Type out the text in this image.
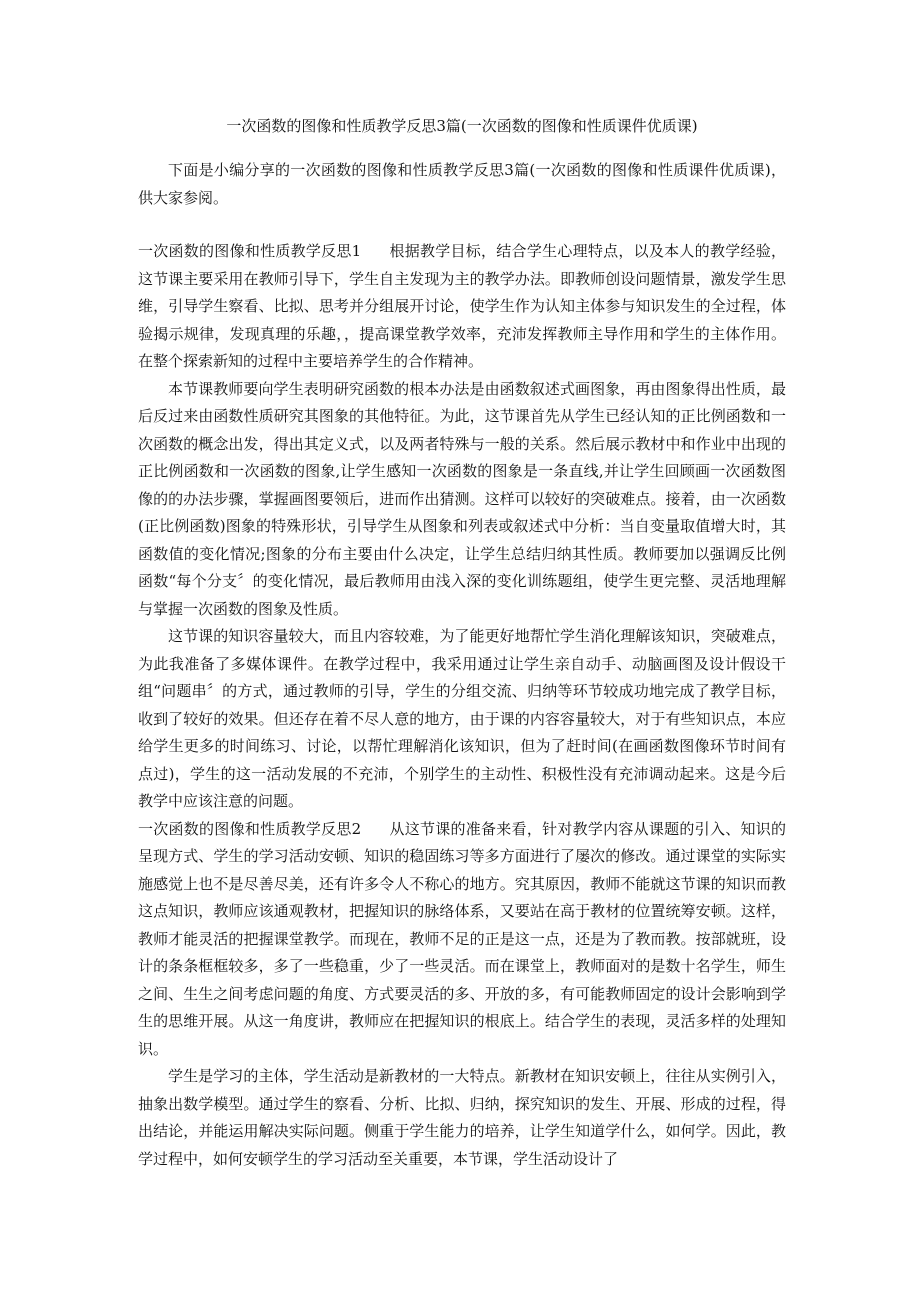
一次函数的图像和性质教学反思3篇(一次函数的图像和性质课件优质课)

下面是小编分享的一次函数的图像和性质教学反思3篇(一次函数的图像和性质课件优质课)，供大家参阅。

一次函数的图像和性质教学反思1 根据教学目标，结合学生心理特点，以及本人的教学经验，这节课主要采用在教师引导下，学生自主发现为主的教学办法。即教师创设问题情景，激发学生思维，引导学生察看、比拟、思考并分组展开讨论，使学生作为认知主体参与知识发生的全过程，体验揭示规律，发现真理的乐趣，，提高课堂教学效率，充沛发挥教师主导作用和学生的主体作用。在整个探索新知的过程中主要培养学生的合作精神。

本节课教师要向学生表明研究函数的根本办法是由函数叙述式画图象，再由图象得出性质，最后反过来由函数性质研究其图象的其他特征。为此，这节课首先从学生已经认知的正比例函数和一次函数的概念出发，得出其定义式，以及两者特殊与一般的关系。然后展示教材中和作业中出现的正比例函数和一次函数的图象,让学生感知一次函数的图象是一条直线,并让学生回顾画一次函数图像的的办法步骤，掌握画图要领后，进而作出猜测。这样可以较好的突破难点。接着，由一次函数(正比例函数)图象的特殊形状，引导学生从图象和列表或叙述式中分析：当自变量取值增大时，其函数值的变化情况;图象的分布主要由什么决定，让学生总结归纳其性质。教师要加以强调反比例函数“每个分支〞的变化情况，最后教师用由浅入深的变化训练题组，使学生更完整、灵活地理解与掌握一次函数的图象及性质。

这节课的知识容量较大，而且内容较难，为了能更好地帮忙学生消化理解该知识，突破难点，为此我准备了多媒体课件。在教学过程中，我采用通过让学生亲自动手、动脑画图及设计假设干组“问题串〞的方式，通过教师的引导，学生的分组交流、归纳等环节较成功地完成了教学目标，收到了较好的效果。但还存在着不尽人意的地方，由于课的内容容量较大，对于有些知识点，本应给学生更多的时间练习、讨论，以帮忙理解消化该知识，但为了赶时间(在画函数图像环节时间有点过)，学生的这一活动发展的不充沛，个别学生的主动性、积极性没有充沛调动起来。这是今后教学中应该注意的问题。

一次函数的图像和性质教学反思2 从这节课的准备来看，针对教学内容从课题的引入、知识的呈现方式、学生的学习活动安顿、知识的稳固练习等多方面进行了屡次的修改。通过课堂的实际实施感觉上也不是尽善尽美，还有许多令人不称心的地方。究其原因，教师不能就这节课的知识而教这点知识，教师应该通观教材，把握知识的脉络体系，又要站在高于教材的位置统筹安顿。这样，教师才能灵活的把握课堂教学。而现在，教师不足的正是这一点，还是为了教而教。按部就班，设计的条条框框较多，多了一些稳重，少了一些灵活。而在课堂上，教师面对的是数十名学生，师生之间、生生之间考虑问题的角度、方式要灵活的多、开放的多，有可能教师固定的设计会影响到学生的思维开展。从这一角度讲，教师应在把握知识的根底上。结合学生的表现，灵活多样的处理知识。

学生是学习的主体，学生活动是新教材的一大特点。新教材在知识安顿上，往往从实例引入，抽象出数学模型。通过学生的察看、分析、比拟、归纳，探究知识的发生、开展、形成的过程，得出结论，并能运用解决实际问题。侧重于学生能力的培养，让学生知道学什么，如何学。因此，教学过程中，如何安顿学生的学习活动至关重要，本节课，学生活动设计了
